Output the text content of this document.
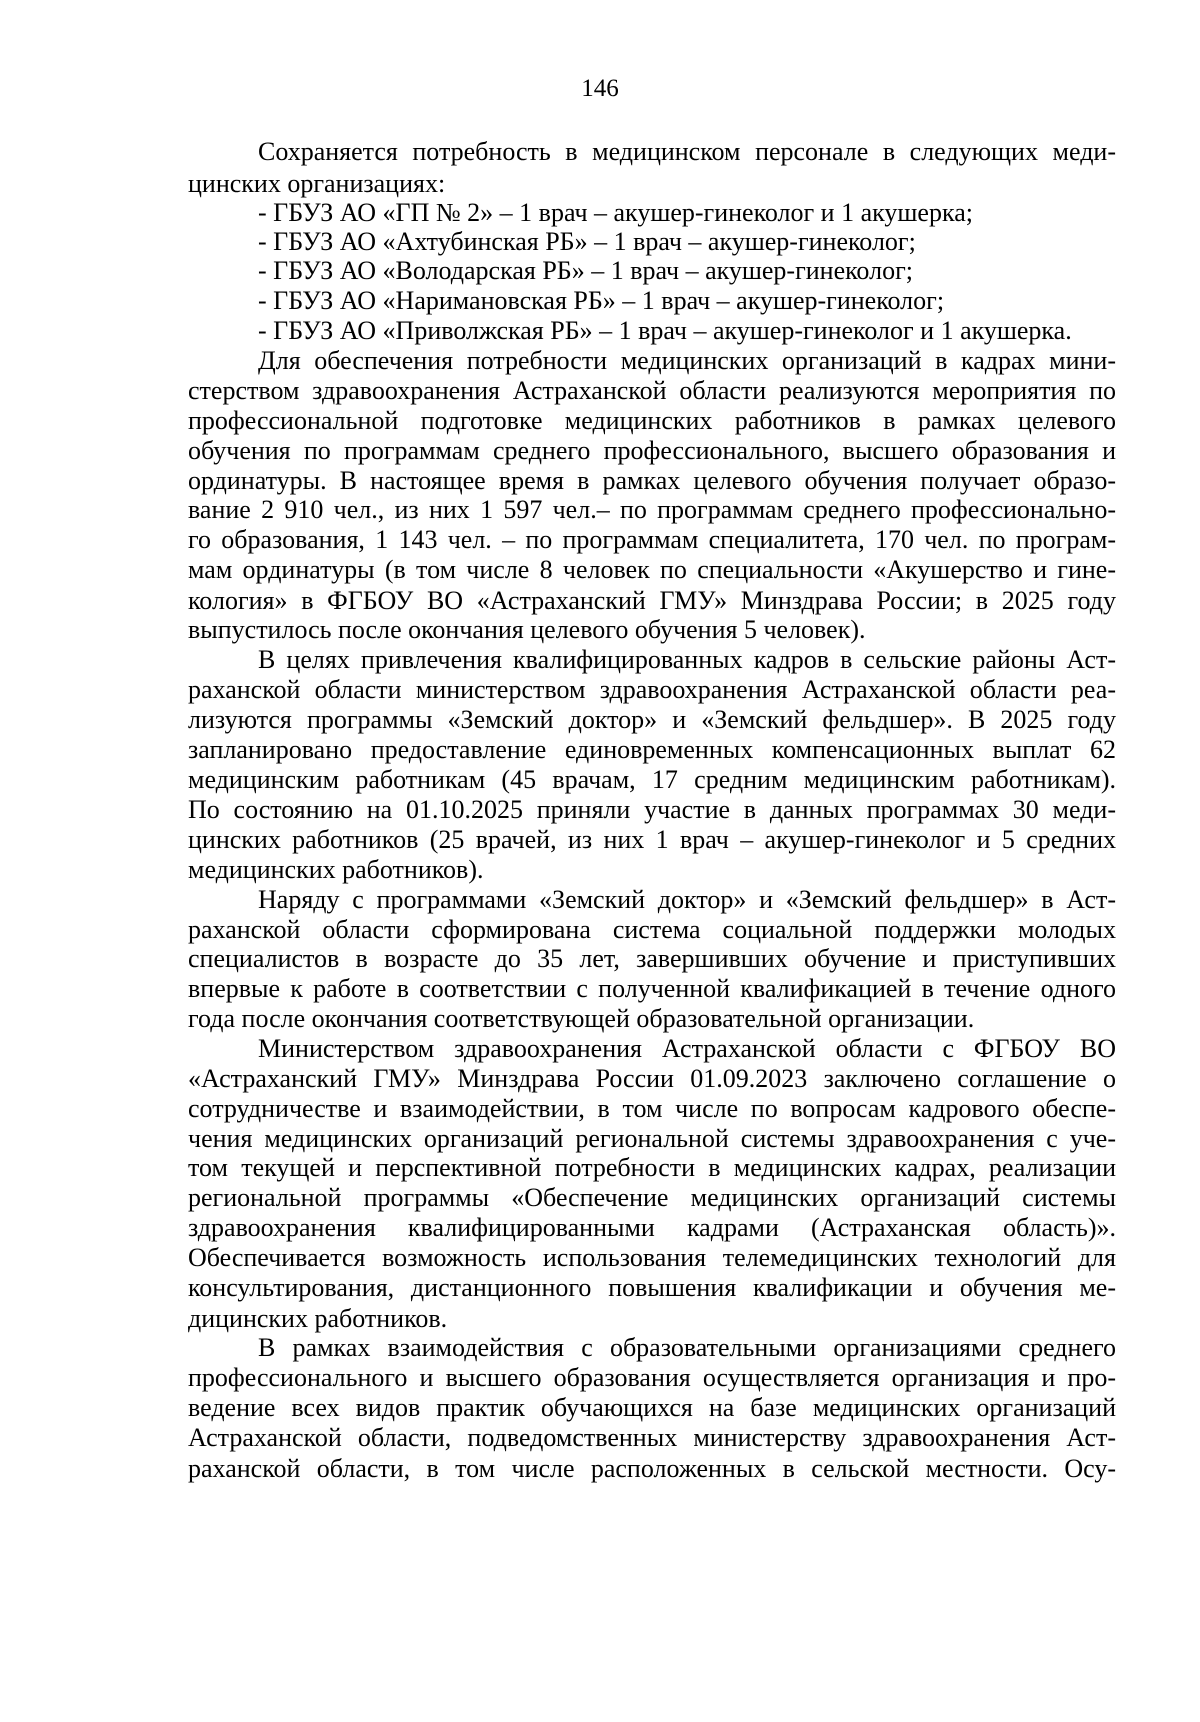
146
Сохраняется потребность в медицинском персонале в следующих меди-
цинских организациях:
- ГБУЗ АО «ГП № 2» – 1 врач – акушер-гинеколог и 1 акушерка;
- ГБУЗ АО «Ахтубинская РБ» – 1 врач – акушер-гинеколог;
- ГБУЗ АО «Володарская РБ» – 1 врач – акушер-гинеколог;
- ГБУЗ АО «Наримановская РБ» – 1 врач – акушер-гинеколог;
- ГБУЗ АО «Приволжская РБ» – 1 врач – акушер-гинеколог и 1 акушерка.
Для обеспечения потребности медицинских организаций в кадрах мини-
стерством здравоохранения Астраханской области реализуются мероприятия по
профессиональной подготовке медицинских работников в рамках целевого
обучения по программам среднего профессионального, высшего образования и
ординатуры. В настоящее время в рамках целевого обучения получает образо-
вание 2 910 чел., из них 1 597 чел.– по программам среднего профессионально-
го образования, 1 143 чел. – по программам специалитета, 170 чел. по програм-
мам ординатуры (в том числе 8 человек по специальности «Акушерство и гине-
кология» в ФГБОУ ВО «Астраханский ГМУ» Минздрава России; в 2025 году
выпустилось после окончания целевого обучения 5 человек).
В целях привлечения квалифицированных кадров в сельские районы Аст-
раханской области министерством здравоохранения Астраханской области реа-
лизуются программы «Земский доктор» и «Земский фельдшер». В 2025 году
запланировано предоставление единовременных компенсационных выплат 62
медицинским работникам (45 врачам, 17 средним медицинским работникам).
По состоянию на 01.10.2025 приняли участие в данных программах 30 меди-
цинских работников (25 врачей, из них 1 врач – акушер-гинеколог и 5 средних
медицинских работников).
Наряду с программами «Земский доктор» и «Земский фельдшер» в Аст-
раханской области сформирована система социальной поддержки молодых
специалистов в возрасте до 35 лет, завершивших обучение и приступивших
впервые к работе в соответствии с полученной квалификацией в течение одного
года после окончания соответствующей образовательной организации.
Министерством здравоохранения Астраханской области с ФГБОУ ВО
«Астраханский ГМУ» Минздрава России 01.09.2023 заключено соглашение о
сотрудничестве и взаимодействии, в том числе по вопросам кадрового обеспе-
чения медицинских организаций региональной системы здравоохранения с уче-
том текущей и перспективной потребности в медицинских кадрах, реализации
региональной программы «Обеспечение медицинских организаций системы
здравоохранения квалифицированными кадрами (Астраханская область)».
Обеспечивается возможность использования телемедицинских технологий для
консультирования, дистанционного повышения квалификации и обучения ме-
дицинских работников.
В рамках взаимодействия с образовательными организациями среднего
профессионального и высшего образования осуществляется организация и про-
ведение всех видов практик обучающихся на базе медицинских организаций
Астраханской области, подведомственных министерству здравоохранения Аст-
раханской области, в том числе расположенных в сельской местности. Осу-
